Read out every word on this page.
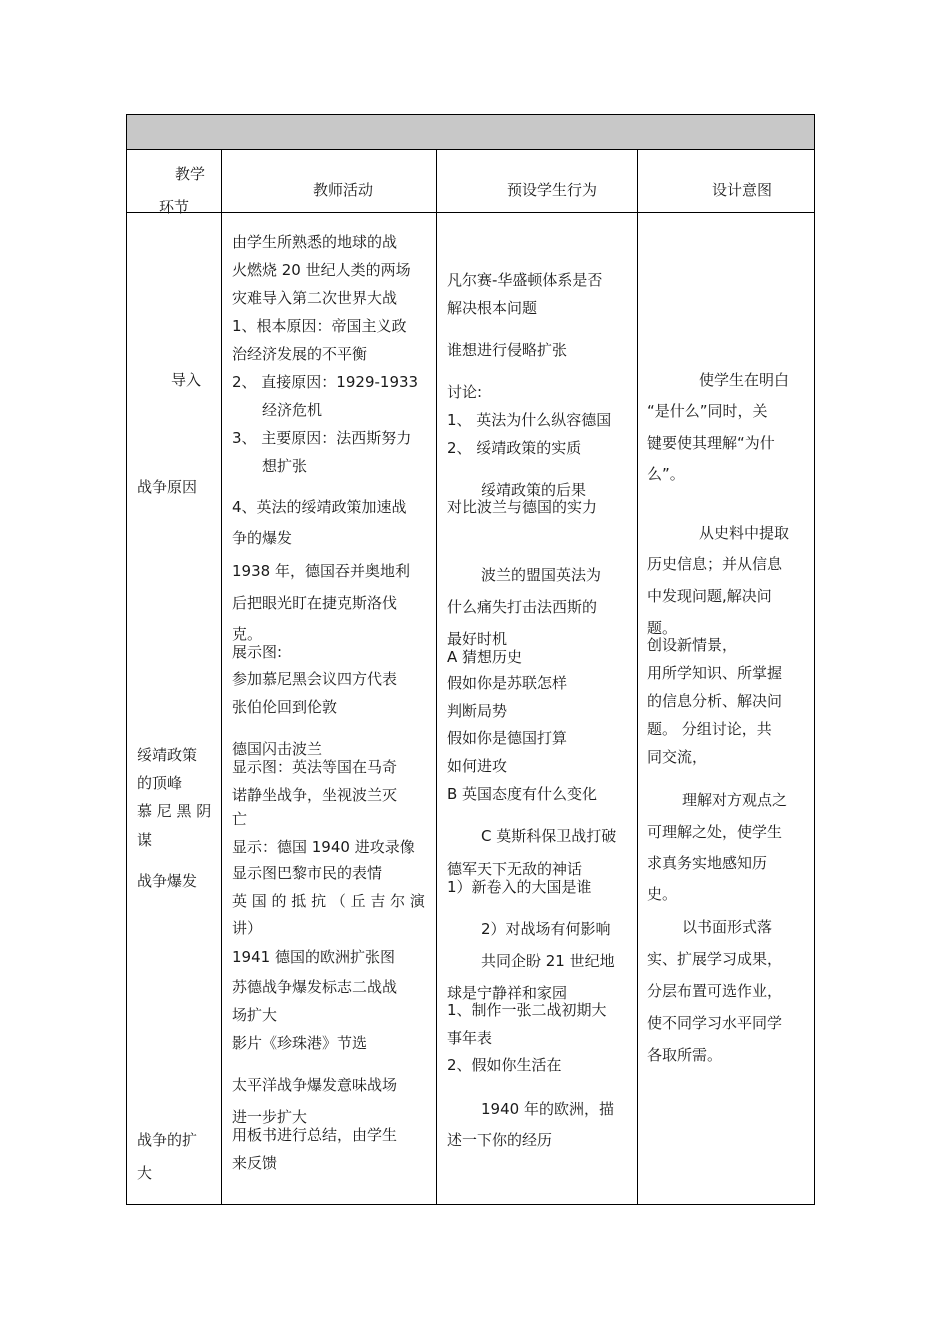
教学
环节
教师活动	预设学生行为	设计意图
导入
战争原因
绥靖政策
的顶峰
慕 尼 黑 阴
谋
战争爆发
战争的扩
大
由学生所熟悉的地球的战
火燃烧 20 世纪人类的两场
灾难导入第二次世界大战
1、根本原因：帝国主义政
治经济发展的不平衡
2、 直接原因：1929-1933
经济危机
3、 主要原因：法西斯努力
想扩张
4、英法的绥靖政策加速战
争的爆发
1938 年，德国吞并奥地利
后把眼光盯在捷克斯洛伐
克。
展示图:
参加慕尼黑会议四方代表
张伯伦回到伦敦
德国闪击波兰
显示图：英法等国在马奇
诺静坐战争，坐视波兰灭
亡
显示：德国 1940 进攻录像
显示图巴黎市民的表情
英 国 的 抵 抗 （ 丘 吉 尔 演
讲）
1941 德国的欧洲扩张图
苏德战争爆发标志二战战
场扩大
影片《珍珠港》节选
太平洋战争爆发意味战场
进一步扩大
用板书进行总结，由学生
来反馈
凡尔赛-华盛顿体系是否
解决根本问题
谁想进行侵略扩张
讨论:
1、 英法为什么纵容德国
2、 绥靖政策的实质
绥靖政策的后果
对比波兰与德国的实力
波兰的盟国英法为
什么痛失打击法西斯的
最好时机
A 猜想历史
假如你是苏联怎样
判断局势
假如你是德国打算
如何进攻
B 英国态度有什么变化
C 莫斯科保卫战打破
德军天下无敌的神话
1）新卷入的大国是谁
2）对战场有何影响
共同企盼 21 世纪地
球是宁静祥和家园
1、制作一张二战初期大
事年表
2、假如你生活在
1940 年的欧洲，描
述一下你的经历
使学生在明白
“是什么”同时，关
键要使其理解“为什
么”。
从史料中提取
历史信息；并从信息
中发现问题,解决问
题。
创设新情景，
用所学知识、所掌握
的信息分析、解决问
题。 分组讨论，共
同交流，
理解对方观点之
可理解之处，使学生
求真务实地感知历
史。
以书面形式落
实、扩展学习成果，
分层布置可选作业，
使不同学习水平同学
各取所需。
